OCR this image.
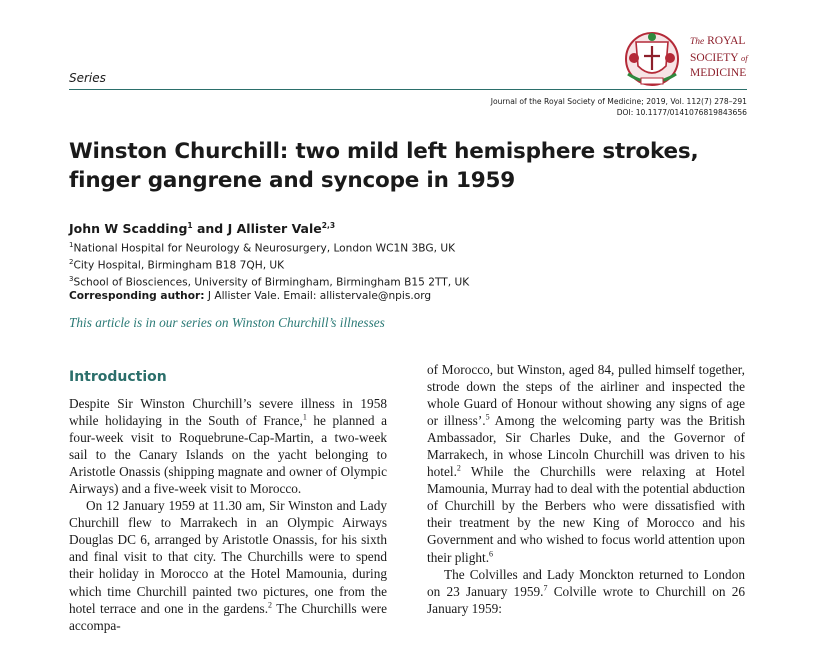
Series
The ROYAL
SOCIETY of
MEDICINE
Journal of the Royal Society of Medicine; 2019, Vol. 112(7) 278–291
DOI: 10.1177/0141076819843656
Winston Churchill: two mild left hemisphere strokes, finger gangrene and syncope in 1959
John W Scadding$^1$ and J Allister Vale$^{2,3}$
$^1$National Hospital for Neurology & Neurosurgery, London WC1N 3BG, UK
$^2$City Hospital, Birmingham B18 7QH, UK
$^3$School of Biosciences, University of Birmingham, Birmingham B15 2TT, UK
Corresponding author: J Allister Vale. Email: allistervale@npis.org
This article is in our series on Winston Churchill’s illnesses
Introduction

Despite Sir Winston Churchill’s severe illness in 1958 while holidaying in the South of France,$^1$ he planned a four-week visit to Roquebrune-Cap-Martin, a two-week sail to the Canary Islands on the yacht belonging to Aristotle Onassis (shipping magnate and owner of Olympic Airways) and a five-week visit to Morocco.

On 12 January 1959 at 11.30 am, Sir Winston and Lady Churchill flew to Marrakech in an Olympic Airways Douglas DC 6, arranged by Aristotle Onassis, for his sixth and final visit to that city. The Churchills were to spend their holiday in Morocco at the Hotel Mamounia, during which time Churchill painted two pictures, one from the hotel terrace and one in the gardens.$^2$ The Churchills were accompa-

of Morocco, but Winston, aged 84, pulled himself together, strode down the steps of the airliner and inspected the whole Guard of Honour without showing any signs of age or illness’.$^5$ Among the welcoming party was the British Ambassador, Sir Charles Duke, and the Governor of Marrakech, in whose Lincoln Churchill was driven to his hotel.$^2$ While the Churchills were relaxing at Hotel Mamounia, Murray had to deal with the potential abduction of Churchill by the Berbers who were dissatisfied with their treatment by the new King of Morocco and his Government and who wished to focus world attention upon their plight.$^6$

The Colvilles and Lady Monckton returned to London on 23 January 1959.$^7$ Colville wrote to Churchill on 26 January 1959:
